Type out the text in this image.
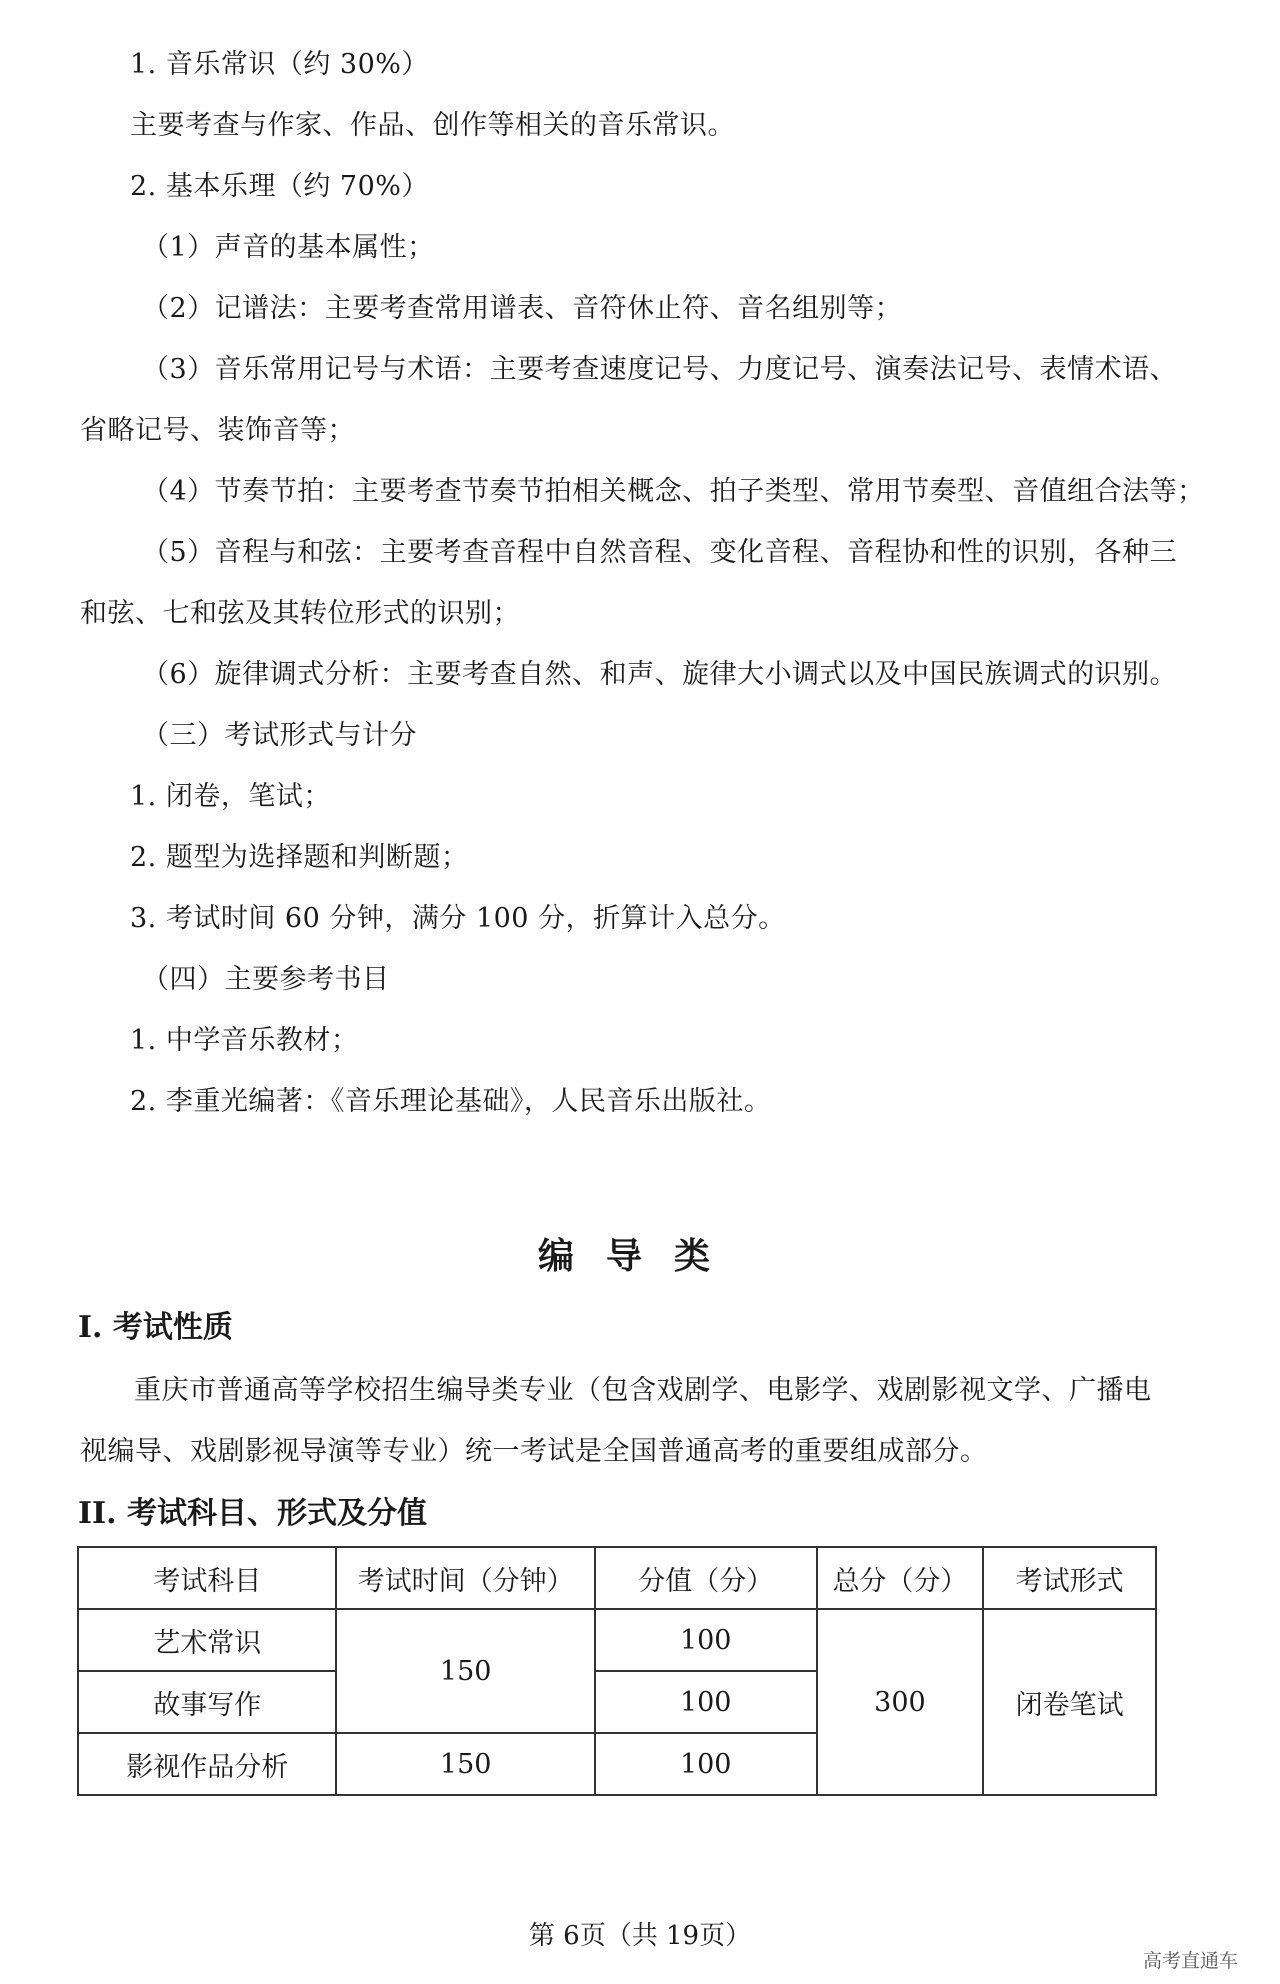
1. 音乐常识（约 30%）
主要考查与作家、作品、创作等相关的音乐常识。
2. 基本乐理（约 70%）
（1）声音的基本属性；
（2）记谱法：主要考查常用谱表、音符休止符、音名组别等；
（3）音乐常用记号与术语：主要考查速度记号、力度记号、演奏法记号、表情术语、
省略记号、装饰音等；
（4）节奏节拍：主要考查节奏节拍相关概念、拍子类型、常用节奏型、音值组合法等；
（5）音程与和弦：主要考查音程中自然音程、变化音程、音程协和性的识别，各种三
和弦、七和弦及其转位形式的识别；
（6）旋律调式分析：主要考查自然、和声、旋律大小调式以及中国民族调式的识别。
（三）考试形式与计分
1. 闭卷，笔试；
2. 题型为选择题和判断题；
3. 考试时间 60 分钟，满分 100 分，折算计入总分。
（四）主要参考书目
1. 中学音乐教材；
2. 李重光编著：《音乐理论基础》，人民音乐出版社。
编导类
I. 考试性质
重庆市普通高等学校招生编导类专业（包含戏剧学、电影学、戏剧影视文学、广播电视编导、戏剧影视导演等专业）统一考试是全国普通高考的重要组成部分。
II. 考试科目、形式及分值
考试科目	考试时间（分钟）	分值（分）	总分（分）	考试形式
艺术常识	150	100	300	闭卷笔试
故事写作		100		
影视作品分析	150	100		
第 6页（共 19页）
高考直通车
